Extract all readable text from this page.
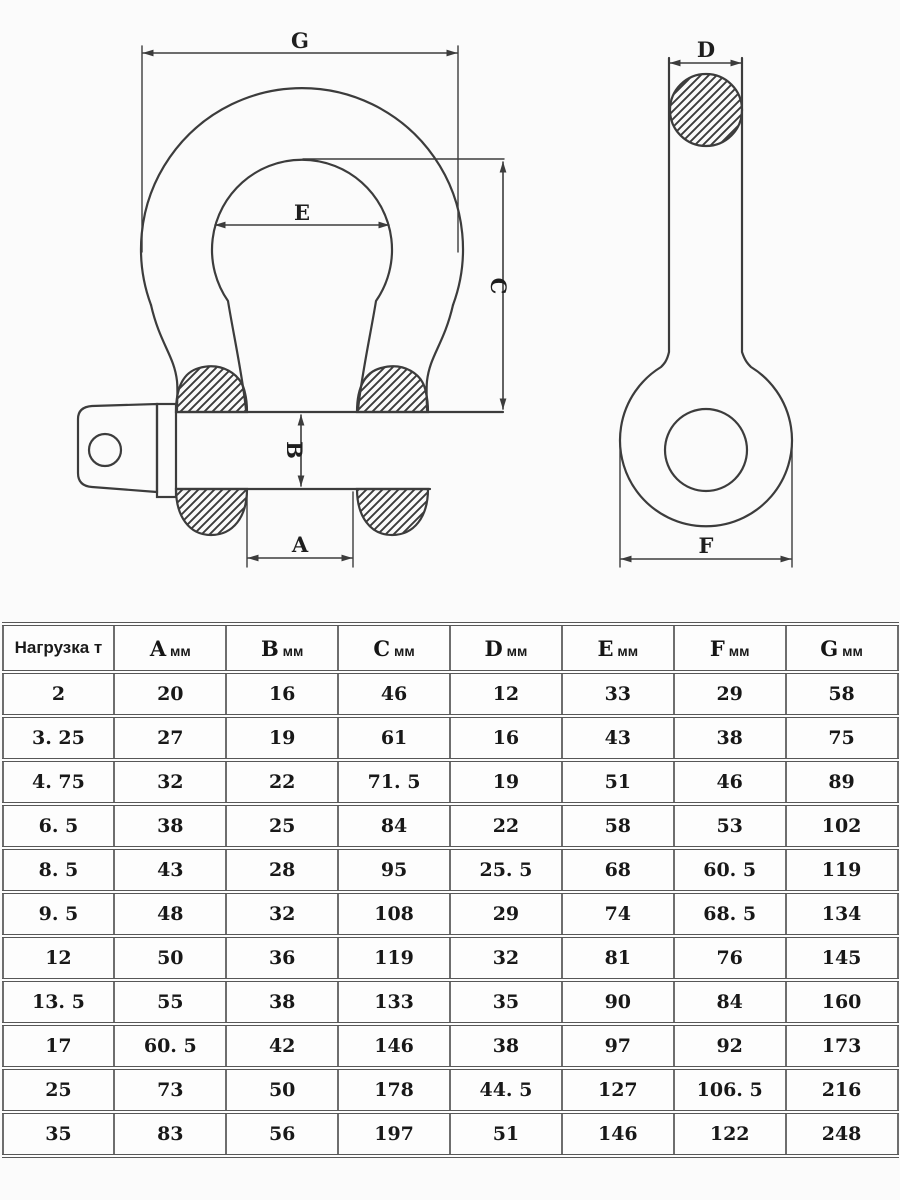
G
E
C
B
A
D
F
Нагрузка т	A мм	B мм	C мм	D мм	E мм	F мм	G мм
2	20	16	46	12	33	29	58
3. 25	27	19	61	16	43	38	75
4. 75	32	22	71. 5	19	51	46	89
6. 5	38	25	84	22	58	53	102
8. 5	43	28	95	25. 5	68	60. 5	119
9. 5	48	32	108	29	74	68. 5	134
12	50	36	119	32	81	76	145
13. 5	55	38	133	35	90	84	160
17	60. 5	42	146	38	97	92	173
25	73	50	178	44. 5	127	106. 5	216
35	83	56	197	51	146	122	248
